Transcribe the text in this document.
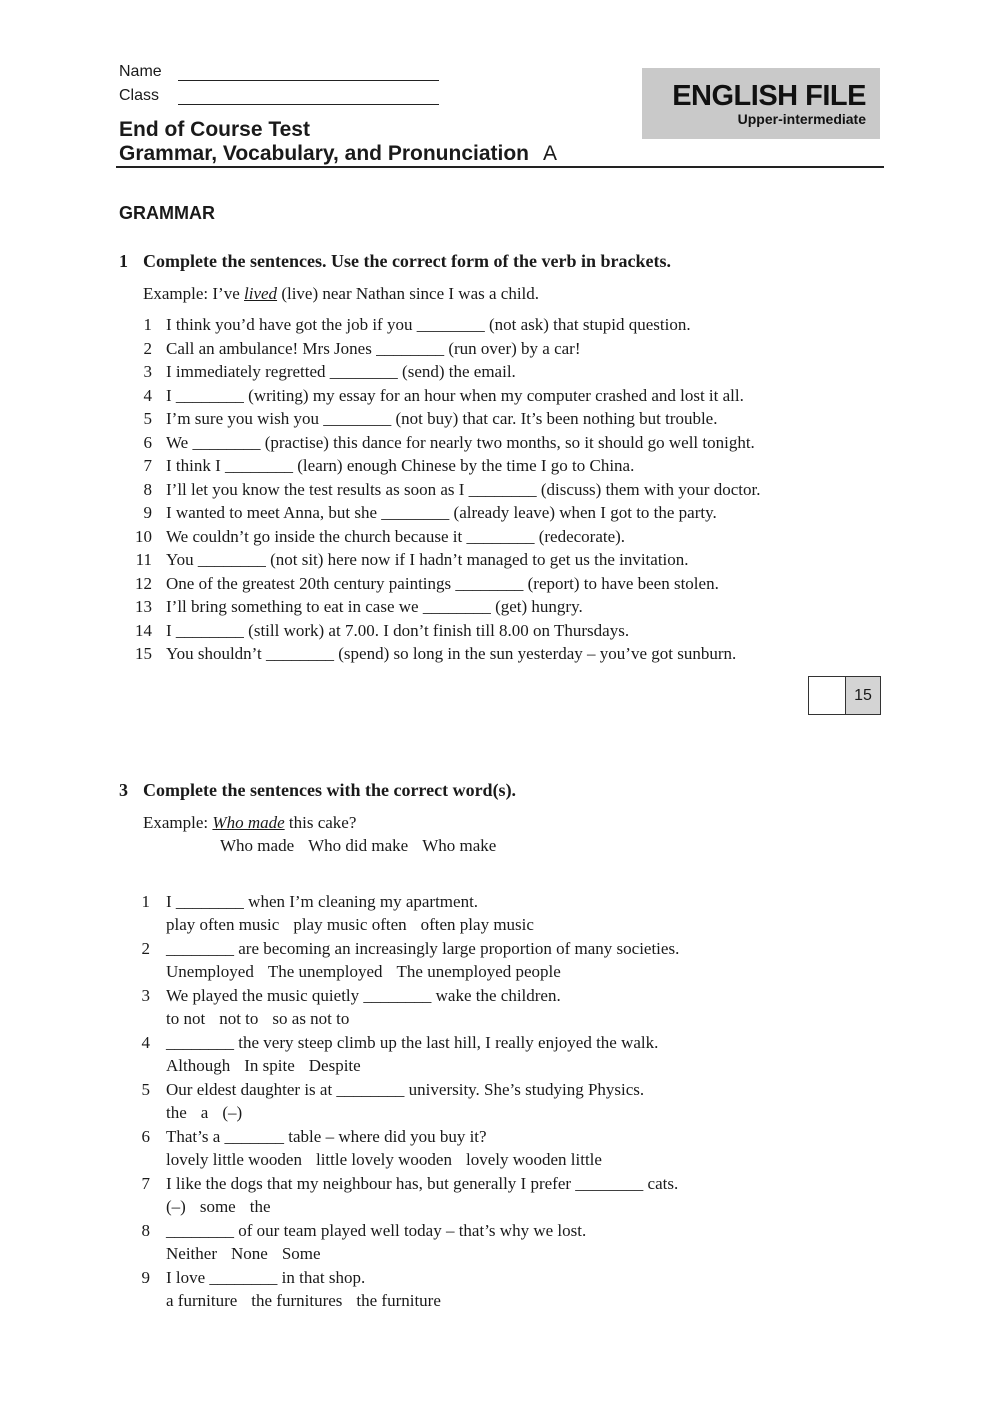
Name
Class	ENGLISH FILE
Upper-intermediate
End of Course Test
Grammar, Vocabulary, and Pronunciation A
GRAMMAR
1 Complete the sentences. Use the correct form of the verb in brackets.
Example: I’ve lived (live) near Nathan since I was a child.
1 I think you’d have got the job if you ________ (not ask) that stupid question.
2 Call an ambulance! Mrs Jones ________ (run over) by a car!
3 I immediately regretted ________ (send) the email.
4 I ________ (writing) my essay for an hour when my computer crashed and lost it all.
5 I’m sure you wish you ________ (not buy) that car. It’s been nothing but trouble.
6 We ________ (practise) this dance for nearly two months, so it should go well tonight.
7 I think I ________ (learn) enough Chinese by the time I go to China.
8 I’ll let you know the test results as soon as I ________ (discuss) them with your doctor.
9 I wanted to meet Anna, but she ________ (already leave) when I got to the party.
10 We couldn’t go inside the church because it ________ (redecorate).
11 You ________ (not sit) here now if I hadn’t managed to get us the invitation.
12 One of the greatest 20th century paintings ________ (report) to have been stolen.
13 I’ll bring something to eat in case we ________ (get) hungry.
14 I ________ (still work) at 7.00. I don’t finish till 8.00 on Thursdays.
15 You shouldn’t ________ (spend) so long in the sun yesterday – you’ve got sunburn.
15
3 Complete the sentences with the correct word(s).
Example: Who made this cake?
Who made Who did make Who make
1 I ________ when I’m cleaning my apartment.
play often music play music often often play music
2 ________ are becoming an increasingly large proportion of many societies.
Unemployed The unemployed The unemployed people
3 We played the music quietly ________ wake the children.
to not not to so as not to
4 ________ the very steep climb up the last hill, I really enjoyed the walk.
Although In spite Despite
5 Our eldest daughter is at ________ university. She’s studying Physics.
the a (–)
6 That’s a _______ table – where did you buy it?
lovely little wooden little lovely wooden lovely wooden little
7 I like the dogs that my neighbour has, but generally I prefer ________ cats.
(–) some the
8 ________ of our team played well today – that’s why we lost.
Neither None Some
9 I love ________ in that shop.
a furniture the furnitures the furniture
